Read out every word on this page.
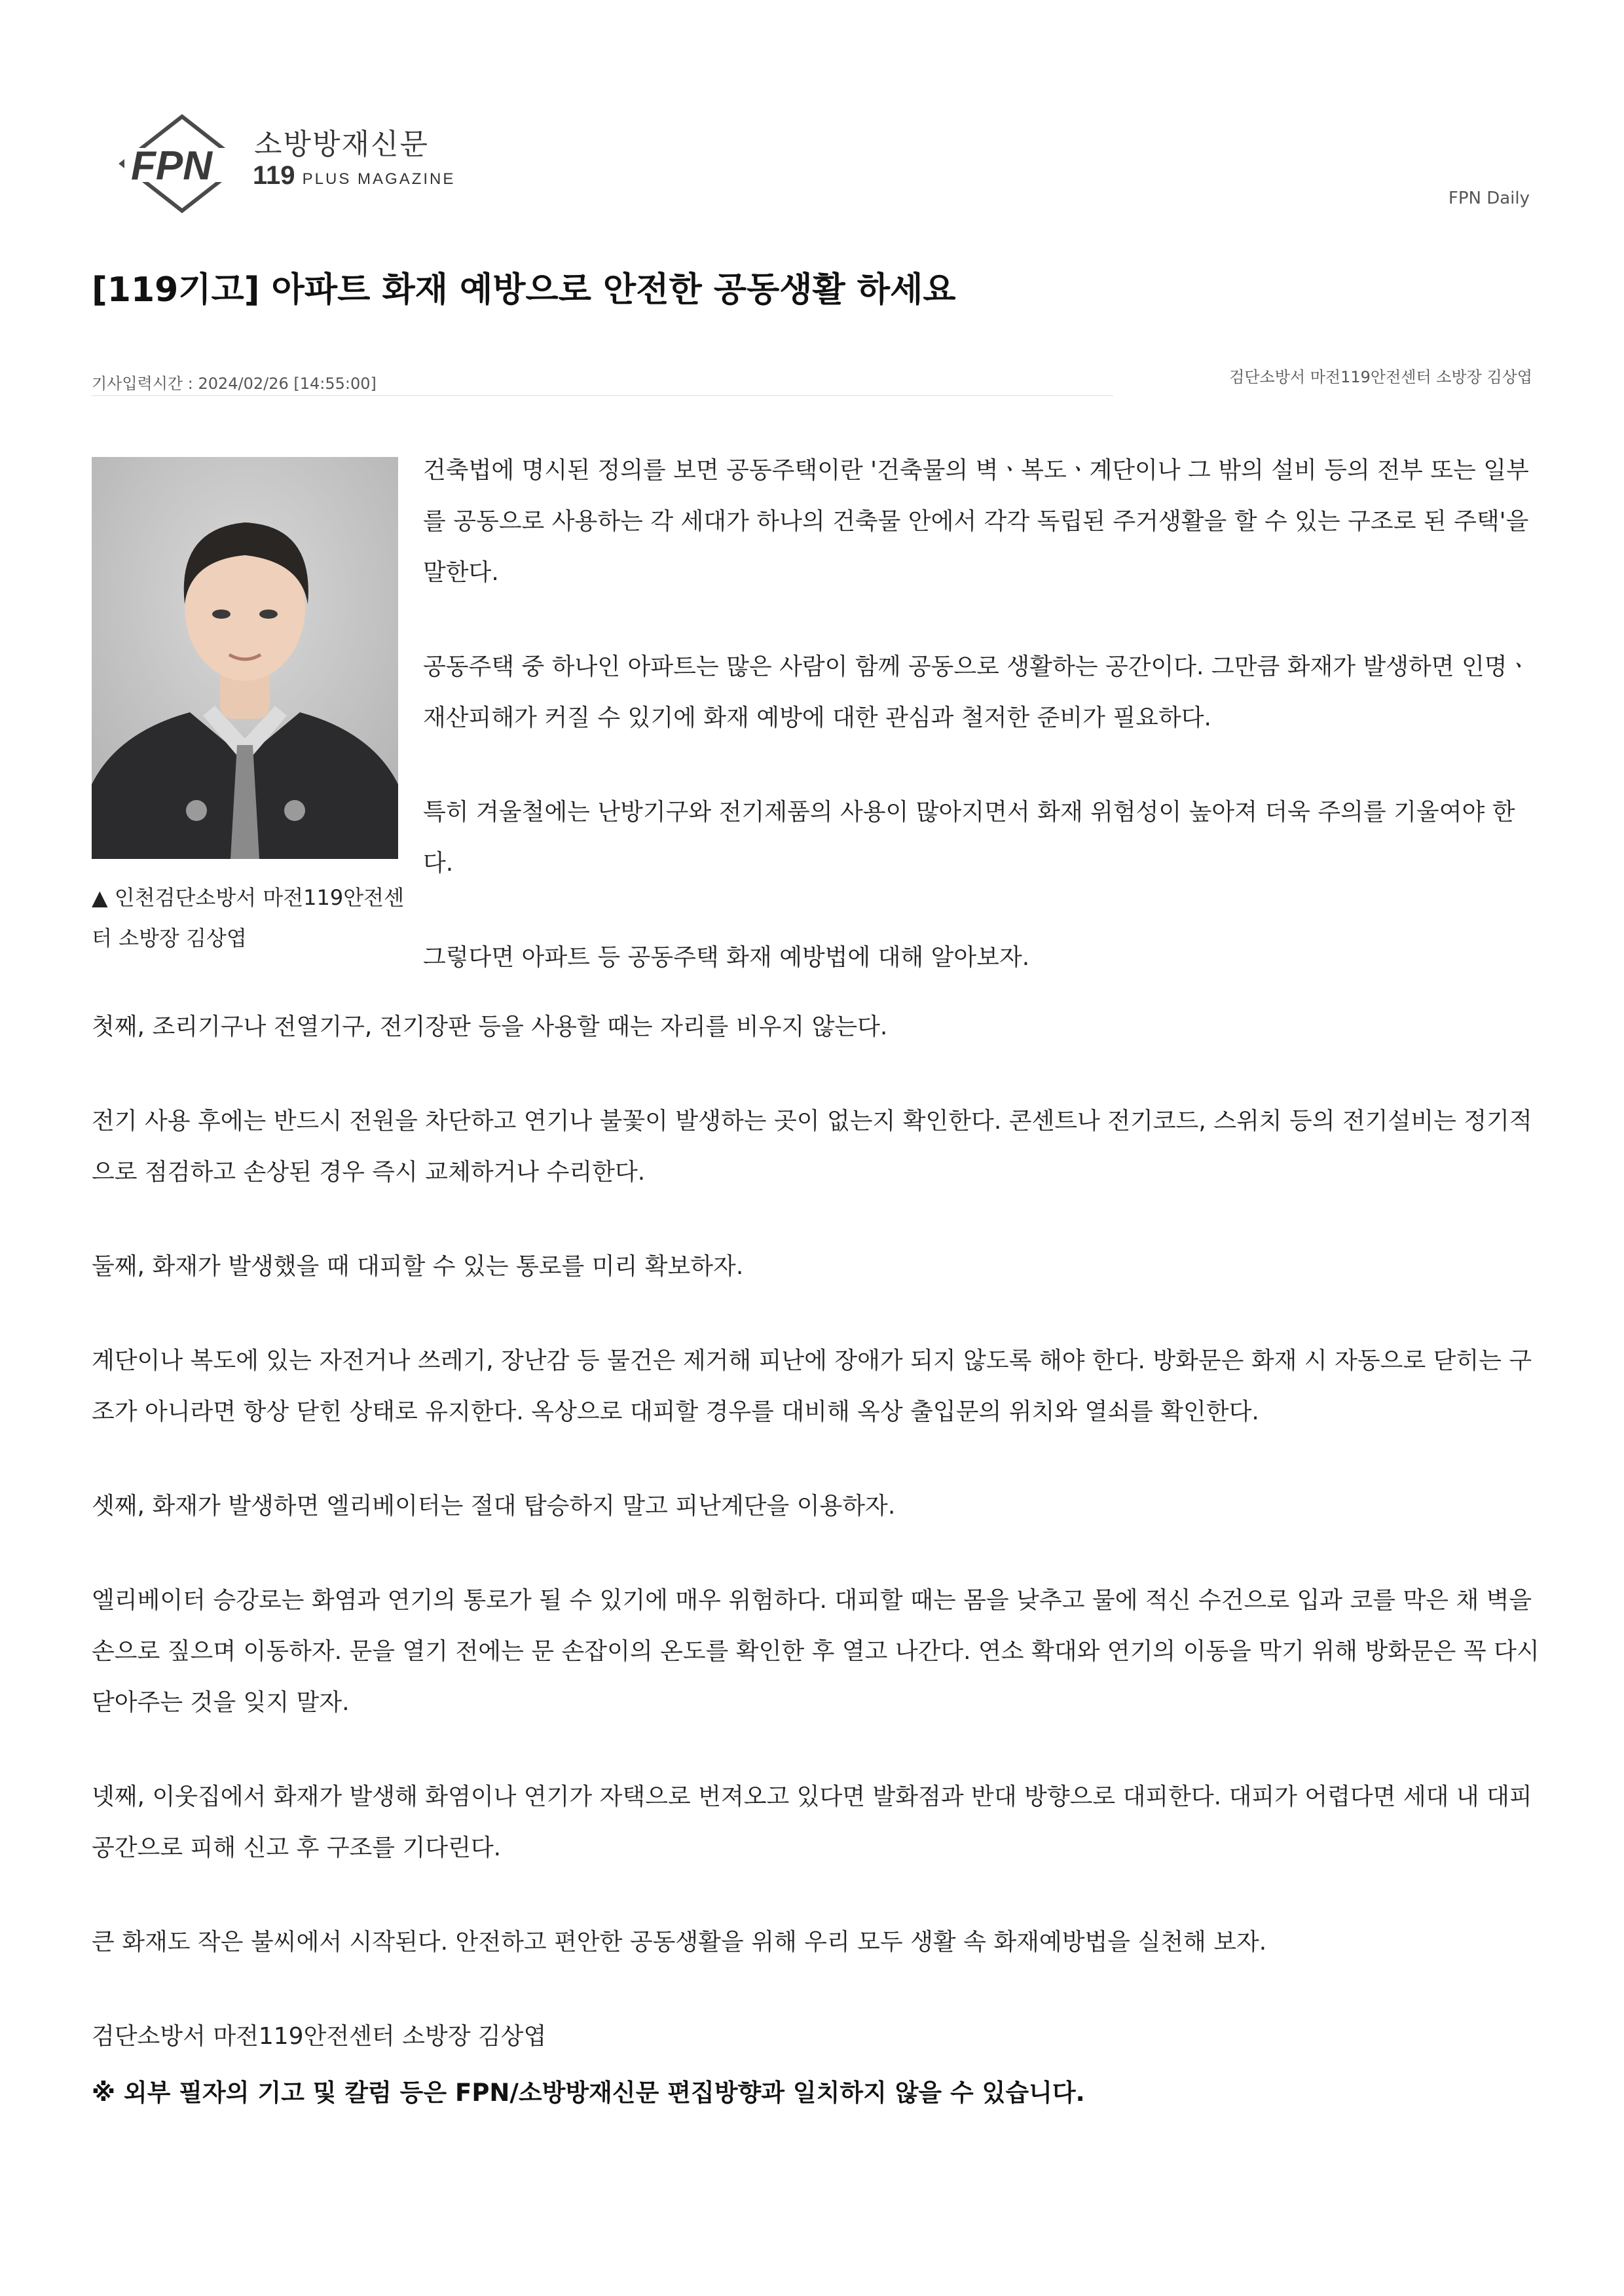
FPN 소방방재신문
119 PLUS MAGAZINE
FPN Daily
[119기고] 아파트 화재 예방으로 안전한 공동생활 하세요
기사입력시간 : 2024/02/26 [14:55:00]	검단소방서 마전119안전센터 소방장 김상엽
▲ 인천검단소방서 마전119안전센터 소방장 김상엽

건축법에 명시된 정의를 보면 공동주택이란 '건축물의 벽ㆍ복도ㆍ계단이나 그 밖의 설비 등의 전부 또는 일부를 공동으로 사용하는 각 세대가 하나의 건축물 안에서 각각 독립된 주거생활을 할 수 있는 구조로 된 주택'을 말한다.

공동주택 중 하나인 아파트는 많은 사람이 함께 공동으로 생활하는 공간이다. 그만큼 화재가 발생하면 인명ㆍ재산피해가 커질 수 있기에 화재 예방에 대한 관심과 철저한 준비가 필요하다.

특히 겨울철에는 난방기구와 전기제품의 사용이 많아지면서 화재 위험성이 높아져 더욱 주의를 기울여야 한다.

그렇다면 아파트 등 공동주택 화재 예방법에 대해 알아보자.

첫째, 조리기구나 전열기구, 전기장판 등을 사용할 때는 자리를 비우지 않는다.

전기 사용 후에는 반드시 전원을 차단하고 연기나 불꽃이 발생하는 곳이 없는지 확인한다. 콘센트나 전기코드, 스위치 등의 전기설비는 정기적으로 점검하고 손상된 경우 즉시 교체하거나 수리한다.

둘째, 화재가 발생했을 때 대피할 수 있는 통로를 미리 확보하자.

계단이나 복도에 있는 자전거나 쓰레기, 장난감 등 물건은 제거해 피난에 장애가 되지 않도록 해야 한다. 방화문은 화재 시 자동으로 닫히는 구조가 아니라면 항상 닫힌 상태로 유지한다. 옥상으로 대피할 경우를 대비해 옥상 출입문의 위치와 열쇠를 확인한다.

셋째, 화재가 발생하면 엘리베이터는 절대 탑승하지 말고 피난계단을 이용하자.

엘리베이터 승강로는 화염과 연기의 통로가 될 수 있기에 매우 위험하다. 대피할 때는 몸을 낮추고 물에 적신 수건으로 입과 코를 막은 채 벽을 손으로 짚으며 이동하자. 문을 열기 전에는 문 손잡이의 온도를 확인한 후 열고 나간다. 연소 확대와 연기의 이동을 막기 위해 방화문은 꼭 다시 닫아주는 것을 잊지 말자.

넷째, 이웃집에서 화재가 발생해 화염이나 연기가 자택으로 번져오고 있다면 발화점과 반대 방향으로 대피한다. 대피가 어렵다면 세대 내 대피공간으로 피해 신고 후 구조를 기다린다.

큰 화재도 작은 불씨에서 시작된다. 안전하고 편안한 공동생활을 위해 우리 모두 생활 속 화재예방법을 실천해 보자.

검단소방서 마전119안전센터 소방장 김상엽

※ 외부 필자의 기고 및 칼럼 등은 FPN/소방방재신문 편집방향과 일치하지 않을 수 있습니다.
